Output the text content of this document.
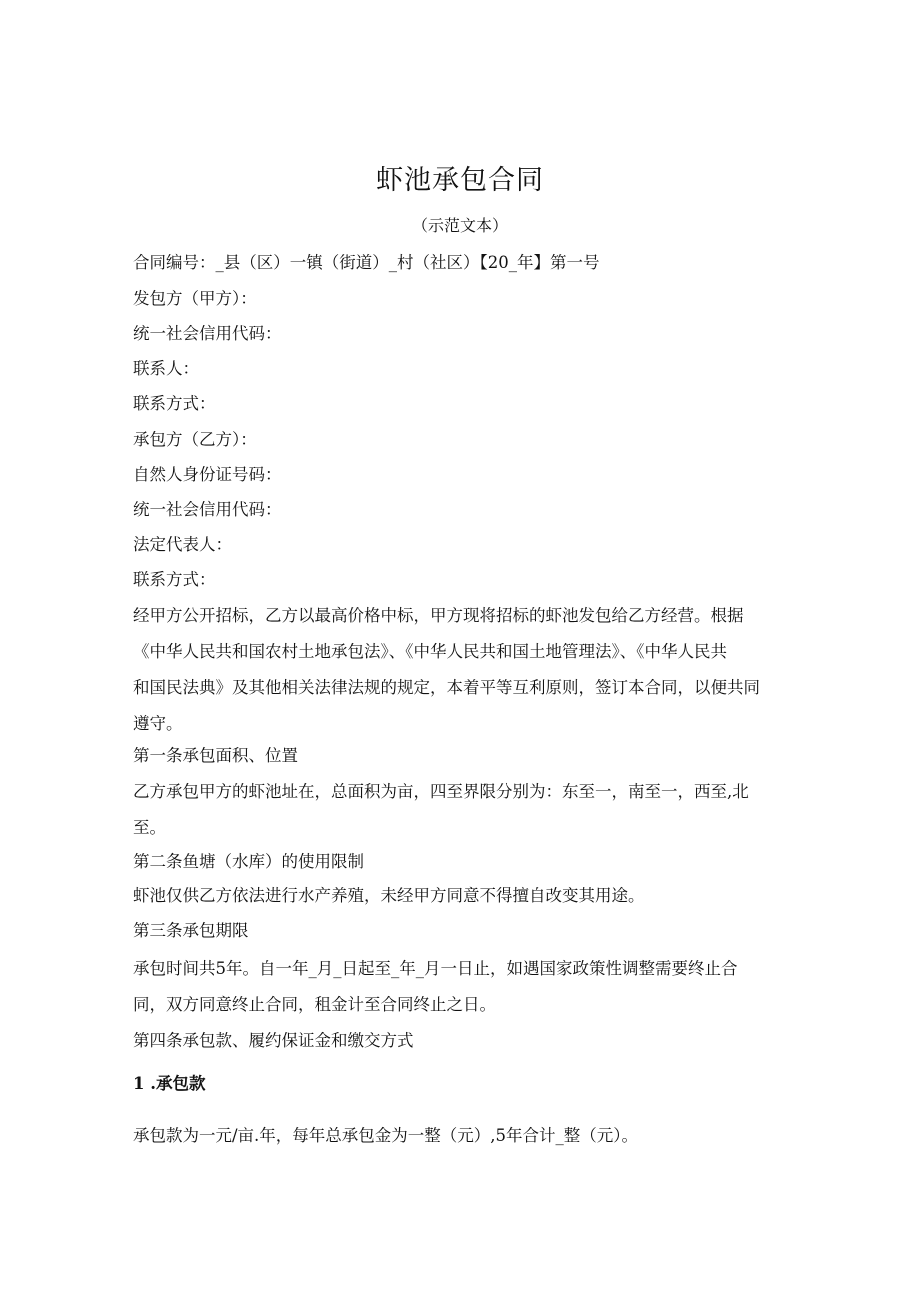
虾池承包合同
（示范文本）
合同编号：_县（区）一镇（街道）_村（社区）【20_年】第一号
发包方（甲方）：
统一社会信用代码：
联系人：
联系方式：
承包方（乙方）：
自然人身份证号码：
统一社会信用代码：
法定代表人：
联系方式：
经甲方公开招标，乙方以最高价格中标，甲方现将招标的虾池发包给乙方经营。根据
《中华人民共和国农村土地承包法》、《中华人民共和国土地管理法》、《中华人民共
和国民法典》及其他相关法律法规的规定，本着平等互利原则，签订本合同，以便共同
遵守。
第一条承包面积、位置
乙方承包甲方的虾池址在，总面积为亩，四至界限分别为：东至一，南至一，西至,北
至。
第二条鱼塘（水库）的使用限制
虾池仅供乙方依法进行水产养殖，未经甲方同意不得擅自改变其用途。
第三条承包期限
承包时间共5年。自一年_月_日起至_年_月一日止，如遇国家政策性调整需要终止合
同，双方同意终止合同，租金计至合同终止之日。
第四条承包款、履约保证金和缴交方式
1 .承包款
承包款为一元/亩.年，每年总承包金为一整（元）,5年合计_整（元）。
